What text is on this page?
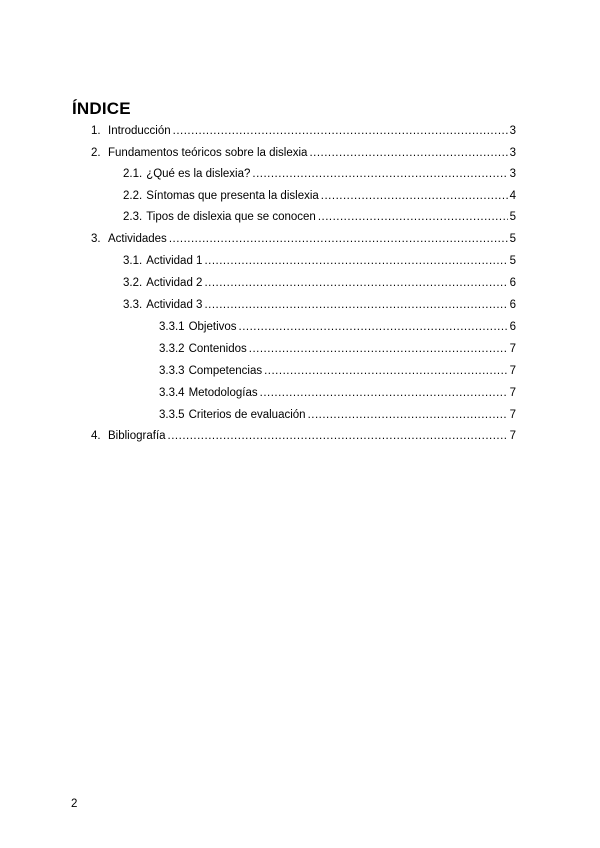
ÍNDICE
1. Introducción .....	3
2. Fundamentos teóricos sobre la dislexia .....	3
2.1. ¿Qué es la dislexia? .....	3
2.2. Síntomas que presenta la dislexia .....	4
2.3. Tipos de dislexia que se conocen .....	5
3. Actividades .....	5
3.1. Actividad 1 .....	5
3.2. Actividad 2 .....	6
3.3. Actividad 3 .....	6
3.3.1 Objetivos .....	6
3.3.2 Contenidos .....	7
3.3.3 Competencias .....	7
3.3.4 Metodologías .....	7
3.3.5 Criterios de evaluación .....	7
4. Bibliografía .....	7
2
